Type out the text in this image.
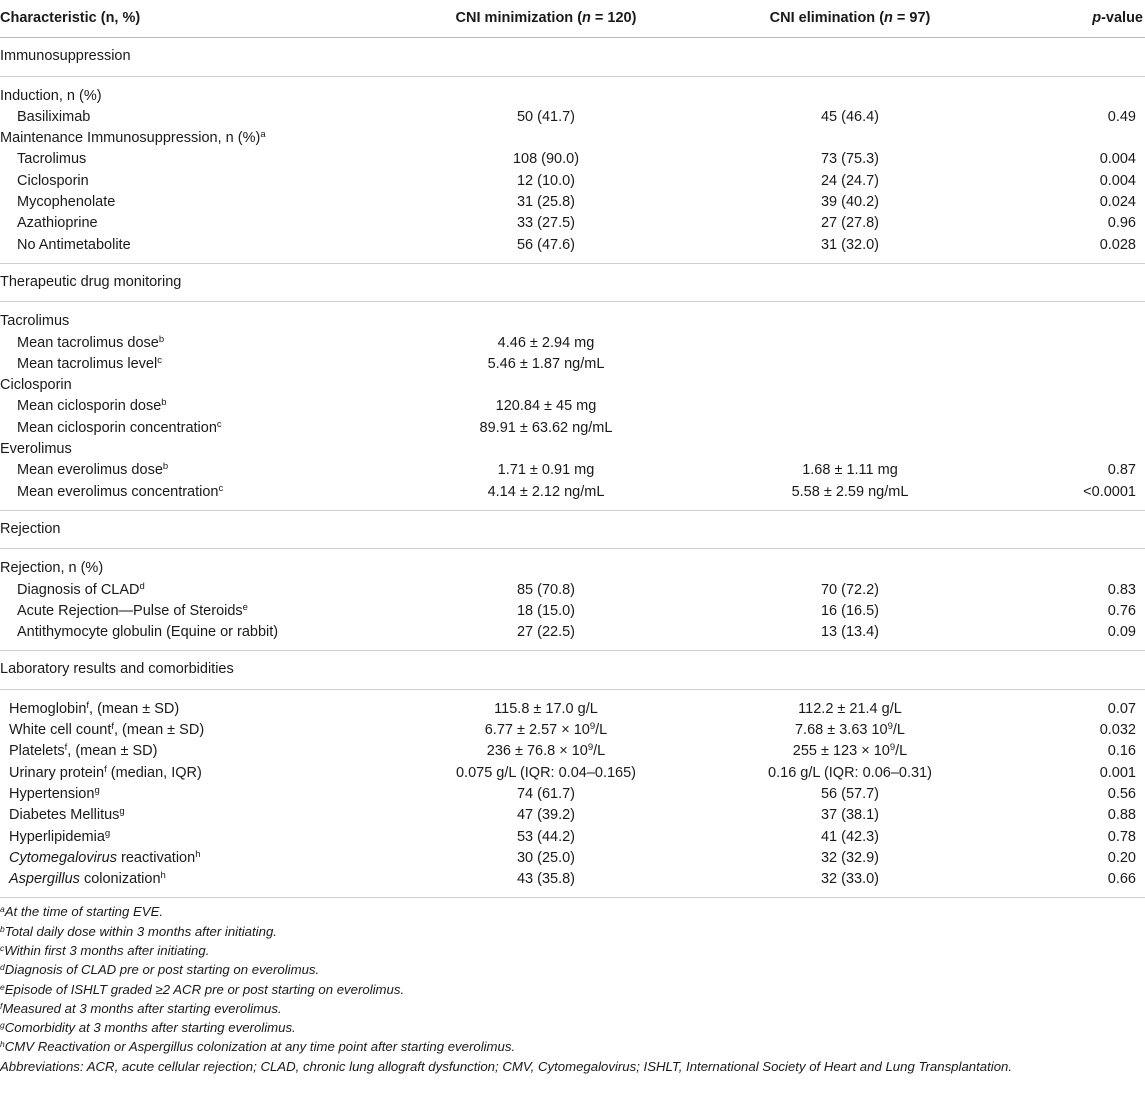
Characteristic (n, %)	CNI minimization (n = 120)	CNI elimination (n = 97)	p-value
Immunosuppression			
Induction, n (%)			
Basiliximab	50 (41.7)	45 (46.4)	0.49
Maintenance Immunosuppression, n (%)$^a$			
Tacrolimus	108 (90.0)	73 (75.3)	0.004
Ciclosporin	12 (10.0)	24 (24.7)	0.004
Mycophenolate	31 (25.8)	39 (40.2)	0.024
Azathioprine	33 (27.5)	27 (27.8)	0.96
No Antimetabolite	56 (47.6)	31 (32.0)	0.028
Therapeutic drug monitoring			
Tacrolimus			
Mean tacrolimus dose$^b$	4.46 ± 2.94 mg		
Mean tacrolimus level$^c$	5.46 ± 1.87 ng/mL		
Ciclosporin			
Mean ciclosporin dose$^b$	120.84 ± 45 mg		
Mean ciclosporin concentration$^c$	89.91 ± 63.62 ng/mL		
Everolimus			
Mean everolimus dose$^b$	1.71 ± 0.91 mg	1.68 ± 1.11 mg	0.87
Mean everolimus concentration$^c$	4.14 ± 2.12 ng/mL	5.58 ± 2.59 ng/mL	<0.0001
Rejection			
Rejection, n (%)			
Diagnosis of CLAD$^d$	85 (70.8)	70 (72.2)	0.83
Acute Rejection—Pulse of Steroids$^e$	18 (15.0)	16 (16.5)	0.76
Antithymocyte globulin (Equine or rabbit)	27 (22.5)	13 (13.4)	0.09
Laboratory results and comorbidities			
Hemoglobin$^f$, (mean ± SD)	115.8 ± 17.0 g/L	112.2 ± 21.4 g/L	0.07
White cell count$^f$, (mean ± SD)	$6.77 \pm 2.57 \times 10^9/L$	7.68 ± 3.63 $10^9/L$	0.032
Platelets$^f$, (mean ± SD)	$236 \pm 76.8 \times 10^9/L$	$255 \pm 123 \times 10^9/L$	0.16
Urinary protein$^f$ (median, IQR)	0.075 g/L (IQR: 0.04–0.165)	0.16 g/L (IQR: 0.06–0.31)	0.001
Hypertension$^g$	74 (61.7)	56 (57.7)	0.56
Diabetes Mellitus$^g$	47 (39.2)	37 (38.1)	0.88
Hyperlipidemia$^g$	53 (44.2)	41 (42.3)	0.78
Cytomegalovirus reactivation$^h$	30 (25.0)	32 (32.9)	0.20
Aspergillus colonization$^h$	43 (35.8)	32 (33.0)	0.66
$^a$At the time of starting EVE.
$^b$Total daily dose within 3 months after initiating.
$^c$Within first 3 months after initiating.
$^d$Diagnosis of CLAD pre or post starting on everolimus.
$^e$Episode of ISHLT graded ≥2 ACR pre or post starting on everolimus.
$^f$Measured at 3 months after starting everolimus.
$^g$Comorbidity at 3 months after starting everolimus.
$^h$CMV Reactivation or Aspergillus colonization at any time point after starting everolimus.
Abbreviations: ACR, acute cellular rejection; CLAD, chronic lung allograft dysfunction; CMV, Cytomegalovirus; ISHLT, International Society of Heart and Lung Transplantation.
